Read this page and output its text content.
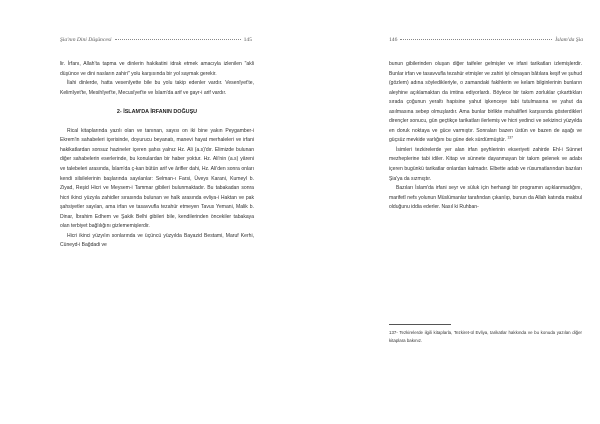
Şia'nın Dini Düşüncesi	145

lir. İrfanı, Allah'ta tapma ve dinlerin hakikatini idrak etmek amacıyla izlenilen "akli düşünce ve dini nasların zahiri" yolu karşısında bir yol saymak gerekir.

İlahi dinlerde, hatta vesenîyette bile bu yolu takip edenler vardır. Vesenîyet'te, Kelimîyet'te, Mesihîyet'te, Mecusîyet'te ve İslam'da arif ve gayr-i arif vardır.

2- İSLAM'DA İRFANIN DOĞUŞU

Rical kitaplarında yazılı olan ve tanınan, sayısı on iki bine yakın Peygamber-i Ekrem'in sahabeleri içerisinde, doyurucu beyanatı, manevi hayat merhaleleri ve irfani hakikatlardan sonsuz hazineler içeren şahıs yalnız Hz. Ali (a.s)'dır. Elimizde bulunan diğer sahabelerin eserlerinde, bu konulardan bir haber yoktur. Hz. Ali'nin (a.s) yâreni ve talebeleri arasında, İslam'da ç-kan bütün arif ve ârifler dahi, Hz. Ali'den sonra onları kendi silsilelerinin başlarında sayılanlar: Selman-ı Farsi, Üveys Karani, Kumeyl b. Ziyad, Reşid Hicri ve Meysem-i Tammar gibileri bulunmaktadır. Bu tabakadan sonra hicri ikinci yüzyıla zahidler sırasında bulunan ve halk arasında evliya-i Haktan ve pak şahsiyetler sayılan, ama irfan ve tasavvufla tezahür etmeyen Tavus Yemani, Malik b. Dinar, İbrahim Edhem ve Şakik Belhi gibileri bile, kendilerinden öncekiler tabakaya olan terbiyet bağlılığını gizlememişlerdir.

Hicri ikinci yüzyılın sonlarında ve üçüncü yüzyılda Bayazid Bestami, Maruf Kerhi, Cüneyd-i Bağdadi ve

146	İslam'da Şia

bunun gibilerinden oluşan diğer taifeler gelmişler ve irfani tarikatları izlemişlerdir. Bunlar irfan ve tasavvufla tezahür etmişler ve zahiri iyi olmayan bâtılara keşif ve şuhud (gözlem) adına söyledikleriyle, o zamandaki fakihlerin ve kelam bilginlerinin bunların aleyhine açıklamaktan da imtina ediyorlardı. Böylece bir takım zorluklar çıkarttıkları sırada çoğunun yeraltı hapisine yahut işkenceye tabi tutulmasına ve yahut da asılmasına sebep olmuşlardır. Ama bunlar birlikte muhalifleri karşısında gösterdikleri dirençler sonucu, gün geçtikçe tarikatları ilerlemiş ve hicri yedinci ve sekizinci yüzyılda en doruk noktaya ve güce varmıştır. Sonraları bazen üstün ve bazen de aşağı ve güçsüz mevkide varlığını bu güne dek sürdürmüştür. $^{137}$

İsimleri tezkirelerde yer alan irfan şeyhlerinin ekseriyeti zahirde Ehl-i Sünnet mezheplerine tabi idiler. Kitap ve sünnete dayanmayan bir takım gelenek ve adabı içeren bugünkü tarikatlar onlardan kalmadır. Elbette adab ve rüsumatlarından bazıları Şia'ya da sızmıştır.

Bazıları İslam'da irfani seyr ve süluk için herhangi bir programın açıklanmadığını, marifetî nefs yolunun Müslümanlar tarafından çıkarılıp, bunun da Allah katında makbul olduğunu iddia ederler. Nasıl ki Ruhban-

137- Tezkirelerde ilgili kitaplarla, Tezkiret-ül Evliya, tarikatlar hakkında ve bu konuda yazılan diğer kitaplara bakınız.
